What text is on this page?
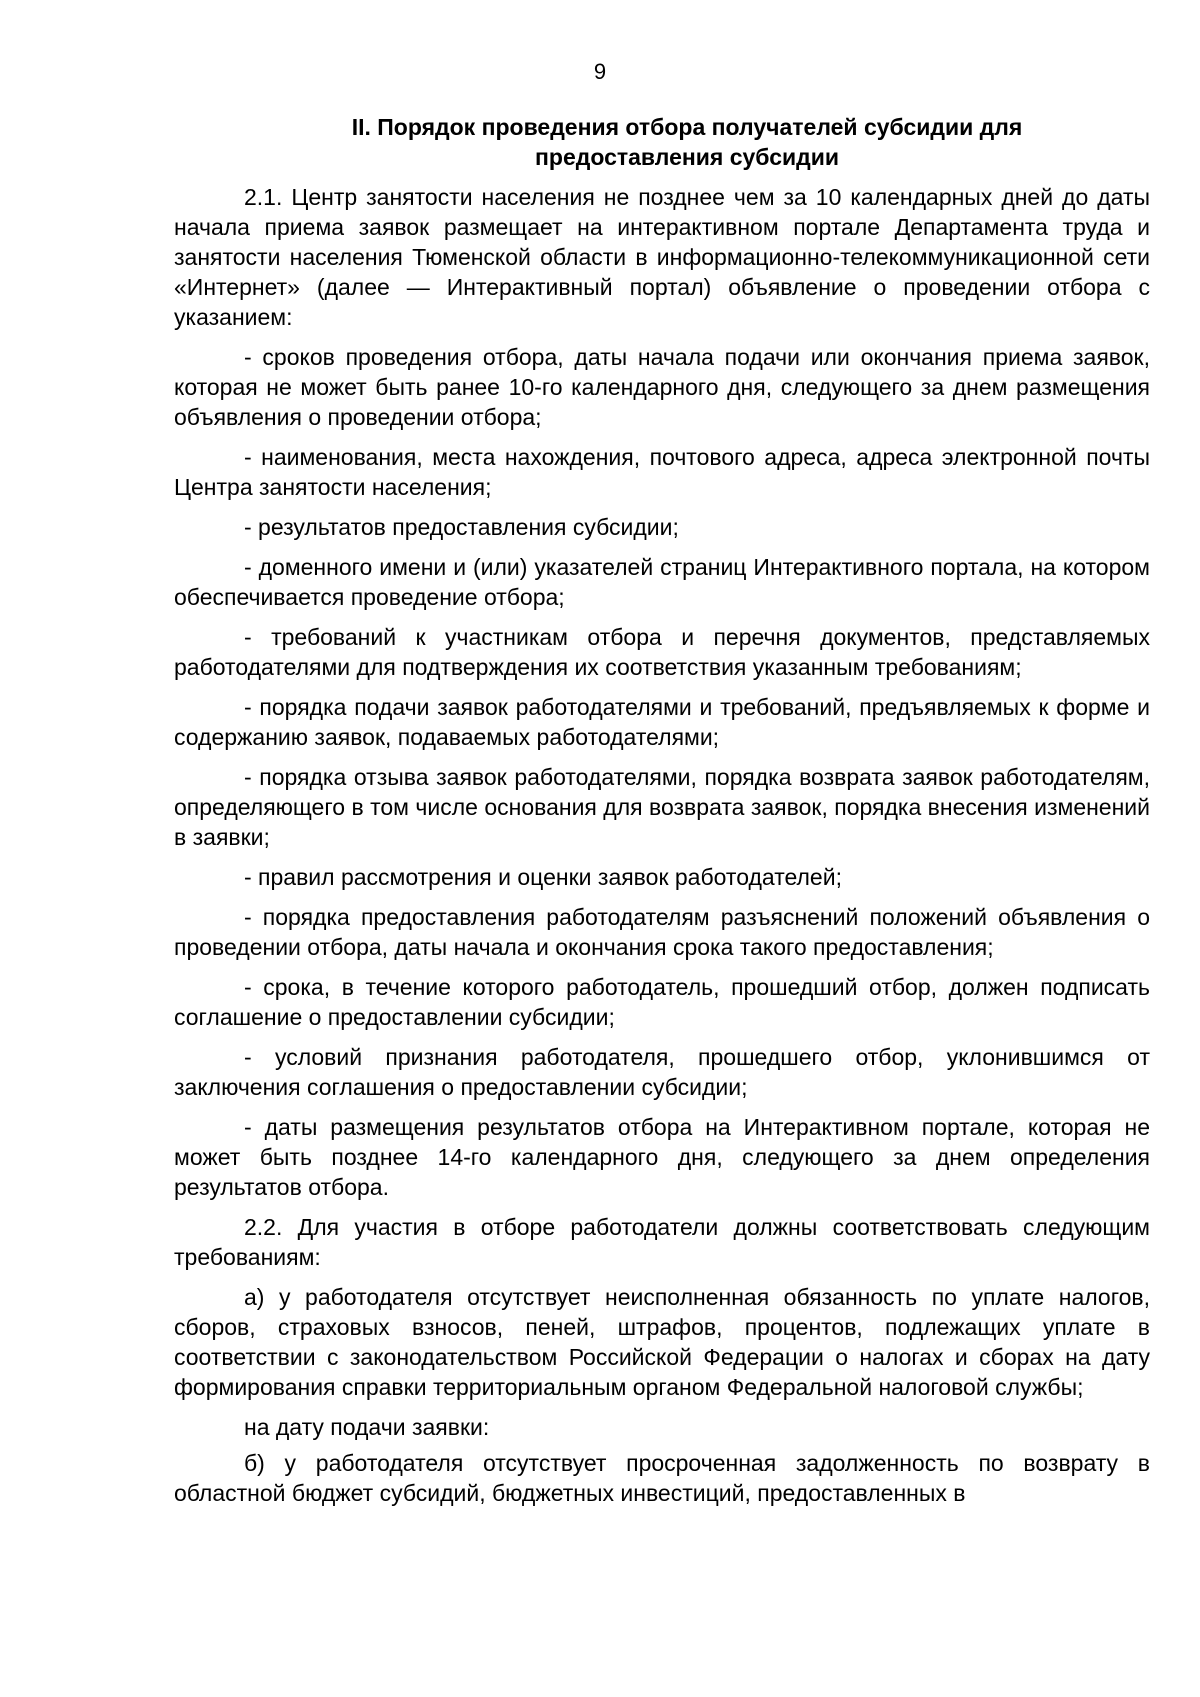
9
II. Порядок проведения отбора получателей субсидии для
предоставления субсидии

2.1. Центр занятости населения не позднее чем за 10 календарных дней до даты начала приема заявок размещает на интерактивном портале Департамента труда и занятости населения Тюменской области в информационно-телекоммуникационной сети «Интернет» (далее — Интерактивный портал) объявление о проведении отбора с указанием:

- сроков проведения отбора, даты начала подачи или окончания приема заявок, которая не может быть ранее 10-го календарного дня, следующего за днем размещения объявления о проведении отбора;

- наименования, места нахождения, почтового адреса, адреса электронной почты Центра занятости населения;

- результатов предоставления субсидии;

- доменного имени и (или) указателей страниц Интерактивного портала, на котором обеспечивается проведение отбора;

- требований к участникам отбора и перечня документов, представляемых работодателями для подтверждения их соответствия указанным требованиям;

- порядка подачи заявок работодателями и требований, предъявляемых к форме и содержанию заявок, подаваемых работодателями;

- порядка отзыва заявок работодателями, порядка возврата заявок работодателям, определяющего в том числе основания для возврата заявок, порядка внесения изменений в заявки;

- правил рассмотрения и оценки заявок работодателей;

- порядка предоставления работодателям разъяснений положений объявления о проведении отбора, даты начала и окончания срока такого предоставления;

- срока, в течение которого работодатель, прошедший отбор, должен подписать соглашение о предоставлении субсидии;

- условий признания работодателя, прошедшего отбор, уклонившимся от заключения соглашения о предоставлении субсидии;

- даты размещения результатов отбора на Интерактивном портале, которая не может быть позднее 14-го календарного дня, следующего за днем определения результатов отбора.

2.2. Для участия в отборе работодатели должны соответствовать следующим требованиям:

а) у работодателя отсутствует неисполненная обязанность по уплате налогов, сборов, страховых взносов, пеней, штрафов, процентов, подлежащих уплате в соответствии с законодательством Российской Федерации о налогах и сборах на дату формирования справки территориальным органом Федеральной налоговой службы;

на дату подачи заявки:

б) у работодателя отсутствует просроченная задолженность по возврату в областной бюджет субсидий, бюджетных инвестиций, предоставленных в
